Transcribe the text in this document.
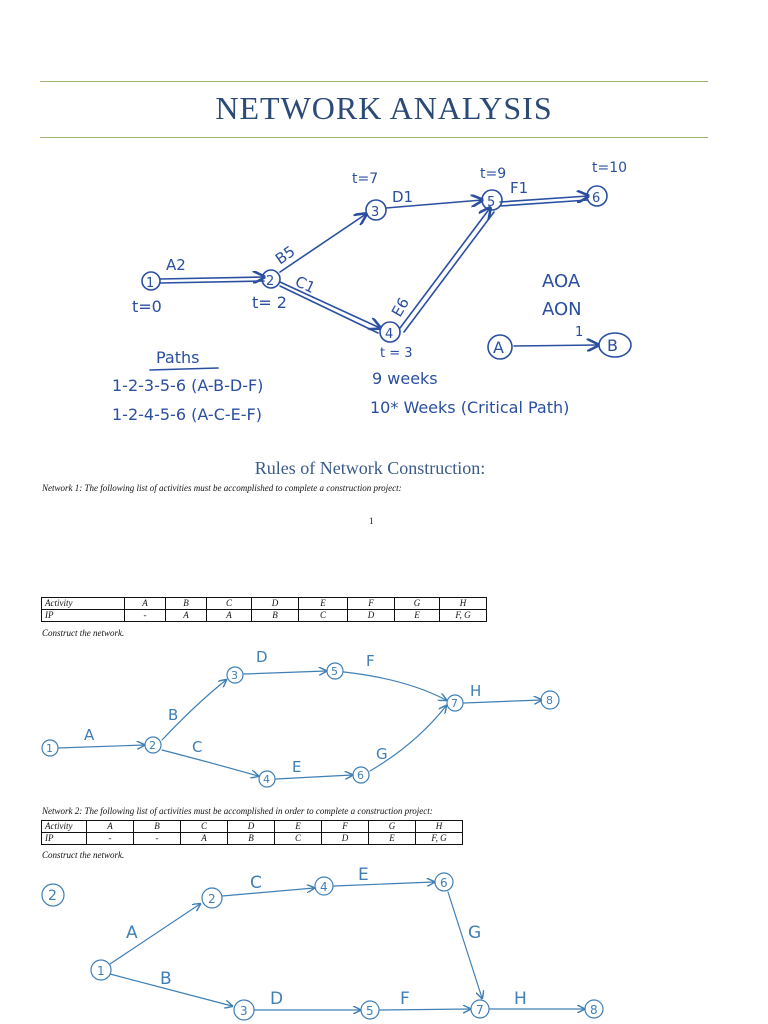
NETWORK ANALYSIS
1	2
3
4
5	6
A2	B5
C1
D1
E6
F1
t=0	t= 2
t=7	t=9	t=10
t = 3
AOA
AON
A
1
B
Paths
1-2-3-5-6 (A-B-D-F)	9 weeks
1-2-4-5-6 (A-C-E-F)	10* Weeks (Critical Path)
Rules of Network Construction:
Network 1: The following list of activities must be accomplished to complete a construction project:
1
Activity	A	B	C	D	E	F	G	H
IP	-	A	A	B	C	D	E	F, G
Construct the network.
1	2
3
4
5
6
7	8
A
B
C
D
E
F
G
H
Network 2: The following list of activities must be accomplished in order to complete a construction project:
Activity	A	B	C	D	E	F	G	H
IP	-	-	A	B	C	D	E	F, G
Construct the network.
2
1
2
3
4
5
6
7	8
A
B
C
D
E
F
G
H
